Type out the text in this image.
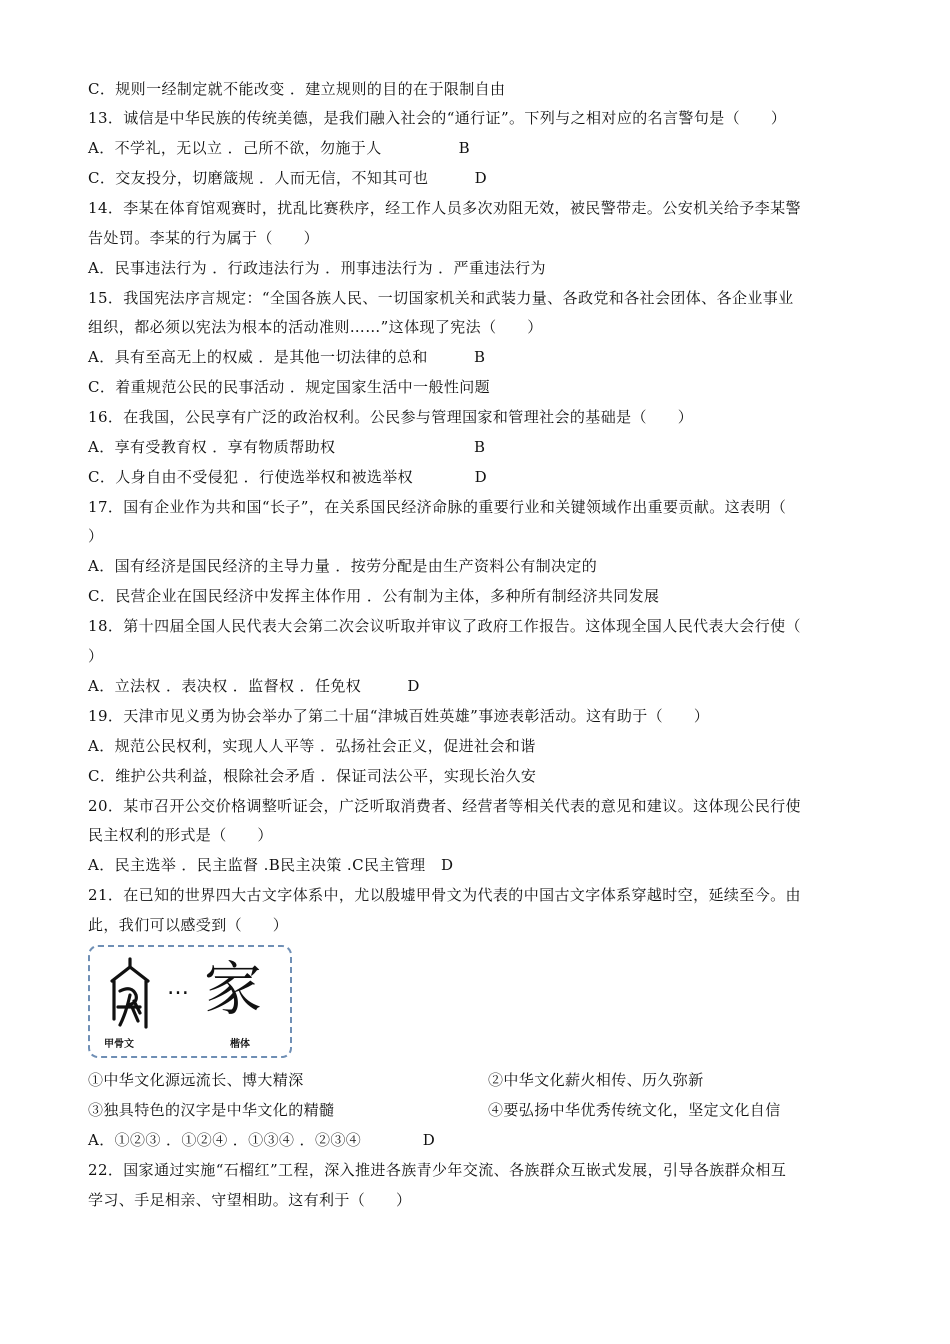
C．规则一经制定就不能改变 ．建立规则的目的在于限制自由
13．诚信是中华民族的传统美德，是我们融入社会的“通行证”。下列与之相对应的名言警句是（　　）
A．不学礼，无以立 ．己所不欲，勿施于人　　　　　B
C．交友投分，切磨箴规 ．人而无信，不知其可也　　　D
14．李某在体育馆观赛时，扰乱比赛秩序，经工作人员多次劝阻无效，被民警带走。公安机关给予李某警
告处罚。李某的行为属于（　　）
A．民事违法行为 ．行政违法行为 ．刑事违法行为 ．严重违法行为
15．我国宪法序言规定：“全国各族人民、一切国家机关和武装力量、各政党和各社会团体、各企业事业
组织，都必须以宪法为根本的活动准则……”这体现了宪法（　　）
A．具有至高无上的权威 ．是其他一切法律的总和　　　B
C．着重规范公民的民事活动 ．规定国家生活中一般性问题
16．在我国，公民享有广泛的政治权利。公民参与管理国家和管理社会的基础是（　　）
A．享有受教育权 ．享有物质帮助权　　　　　　　　　B
C．人身自由不受侵犯 ．行使选举权和被选举权　　　　D
17．国有企业作为共和国“长子”，在关系国民经济命脉的重要行业和关键领域作出重要贡献。这表明（
）
A．国有经济是国民经济的主导力量 ．按劳分配是由生产资料公有制决定的
C．民营企业在国民经济中发挥主体作用 ．公有制为主体，多种所有制经济共同发展
18．第十四届全国人民代表大会第二次会议听取并审议了政府工作报告。这体现全国人民代表大会行使（
）
A．立法权 ．表决权 ．监督权 ．任免权　　　D
19．天津市见义勇为协会举办了第二十届“津城百姓英雄”事迹表彰活动。这有助于（　　）
A．规范公民权利，实现人人平等 ．弘扬社会正义，促进社会和谐
C．维护公共利益，根除社会矛盾 ．保证司法公平，实现长治久安
20．某市召开公交价格调整听证会，广泛听取消费者、经营者等相关代表的意见和建议。这体现公民行使
民主权利的形式是（　　）
A．民主选举 ．民主监督 .B民主决策 .C民主管理　D
21．在已知的世界四大古文字体系中，尤以殷墟甲骨文为代表的中国古文字体系穿越时空，延续至今。由
此，我们可以感受到（　　）
①中华文化源远流长、博大精深
③独具特色的汉字是中华文化的精髓
A．①②③ ．①②④ ．①③④ ．②③④　　　　D
22．国家通过实施“石榴红”工程，深入推进各族青少年交流、各族群众互嵌式发展，引导各族群众相互
学习、手足相亲、守望相助。这有利于（　　）
②中华文化薪火相传、历久弥新
④要弘扬中华优秀传统文化，坚定文化自信
… 家
甲骨文	楷体
